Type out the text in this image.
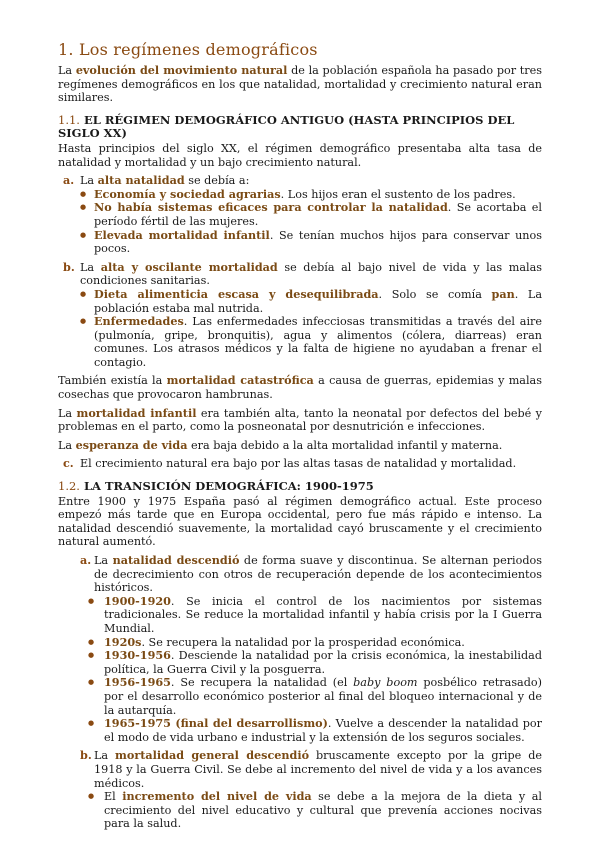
1. Los regímenes demográficos

La evolución del movimiento natural de la población española ha pasado por tres regímenes demográficos en los que natalidad, mortalidad y crecimiento natural eran similares.

1.1. EL RÉGIMEN DEMOGRÁFICO ANTIGUO (HASTA PRINCIPIOS DEL SIGLO XX)

Hasta principios del siglo XX, el régimen demográfico presentaba alta tasa de natalidad y mortalidad y un bajo crecimiento natural.

a. La alta natalidad se debía a:
● Economía y sociedad agrarias. Los hijos eran el sustento de los padres.
● No había sistemas eficaces para controlar la natalidad. Se acortaba el período fértil de las mujeres.
● Elevada mortalidad infantil. Se tenían muchos hijos para conservar unos pocos.
b. La alta y oscilante mortalidad se debía al bajo nivel de vida y las malas condiciones sanitarias.
● Dieta alimenticia escasa y desequilibrada. Solo se comía pan. La población estaba mal nutrida.
● Enfermedades. Las enfermedades infecciosas transmitidas a través del aire (pulmonía, gripe, bronquitis), agua y alimentos (cólera, diarreas) eran comunes. Los atrasos médicos y la falta de higiene no ayudaban a frenar el contagio.

También existía la mortalidad catastrófica a causa de guerras, epidemias y malas cosechas que provocaron hambrunas.

La mortalidad infantil era también alta, tanto la neonatal por defectos del bebé y problemas en el parto, como la posneonatal por desnutrición e infecciones.

La esperanza de vida era baja debido a la alta mortalidad infantil y materna.

c. El crecimiento natural era bajo por las altas tasas de natalidad y mortalidad.
1.2. LA TRANSICIÓN DEMOGRÁFICA: 1900-1975

Entre 1900 y 1975 España pasó al régimen demográfico actual. Este proceso empezó más tarde que en Europa occidental, pero fue más rápido e intenso. La natalidad descendió suavemente, la mortalidad cayó bruscamente y el crecimiento natural aumentó.

a. La natalidad descendió de forma suave y discontinua. Se alternan periodos de decrecimiento con otros de recuperación depende de los acontecimientos históricos.
● 1900-1920. Se inicia el control de los nacimientos por sistemas tradicionales. Se reduce la mortalidad infantil y había crisis por la I Guerra Mundial.
● 1920s. Se recupera la natalidad por la prosperidad económica.
● 1930-1956. Desciende la natalidad por la crisis económica, la inestabilidad política, la Guerra Civil y la posguerra.
● 1956-1965. Se recupera la natalidad (el baby boom posbélico retrasado) por el desarrollo económico posterior al final del bloqueo internacional y de la autarquía.
● 1965-1975 (final del desarrollismo). Vuelve a descender la natalidad por el modo de vida urbano e industrial y la extensión de los seguros sociales.
b. La mortalidad general descendió bruscamente excepto por la gripe de 1918 y la Guerra Civil. Se debe al incremento del nivel de vida y a los avances médicos.
● El incremento del nivel de vida se debe a la mejora de la dieta y al crecimiento del nivel educativo y cultural que prevenía acciones nocivas para la salud.
